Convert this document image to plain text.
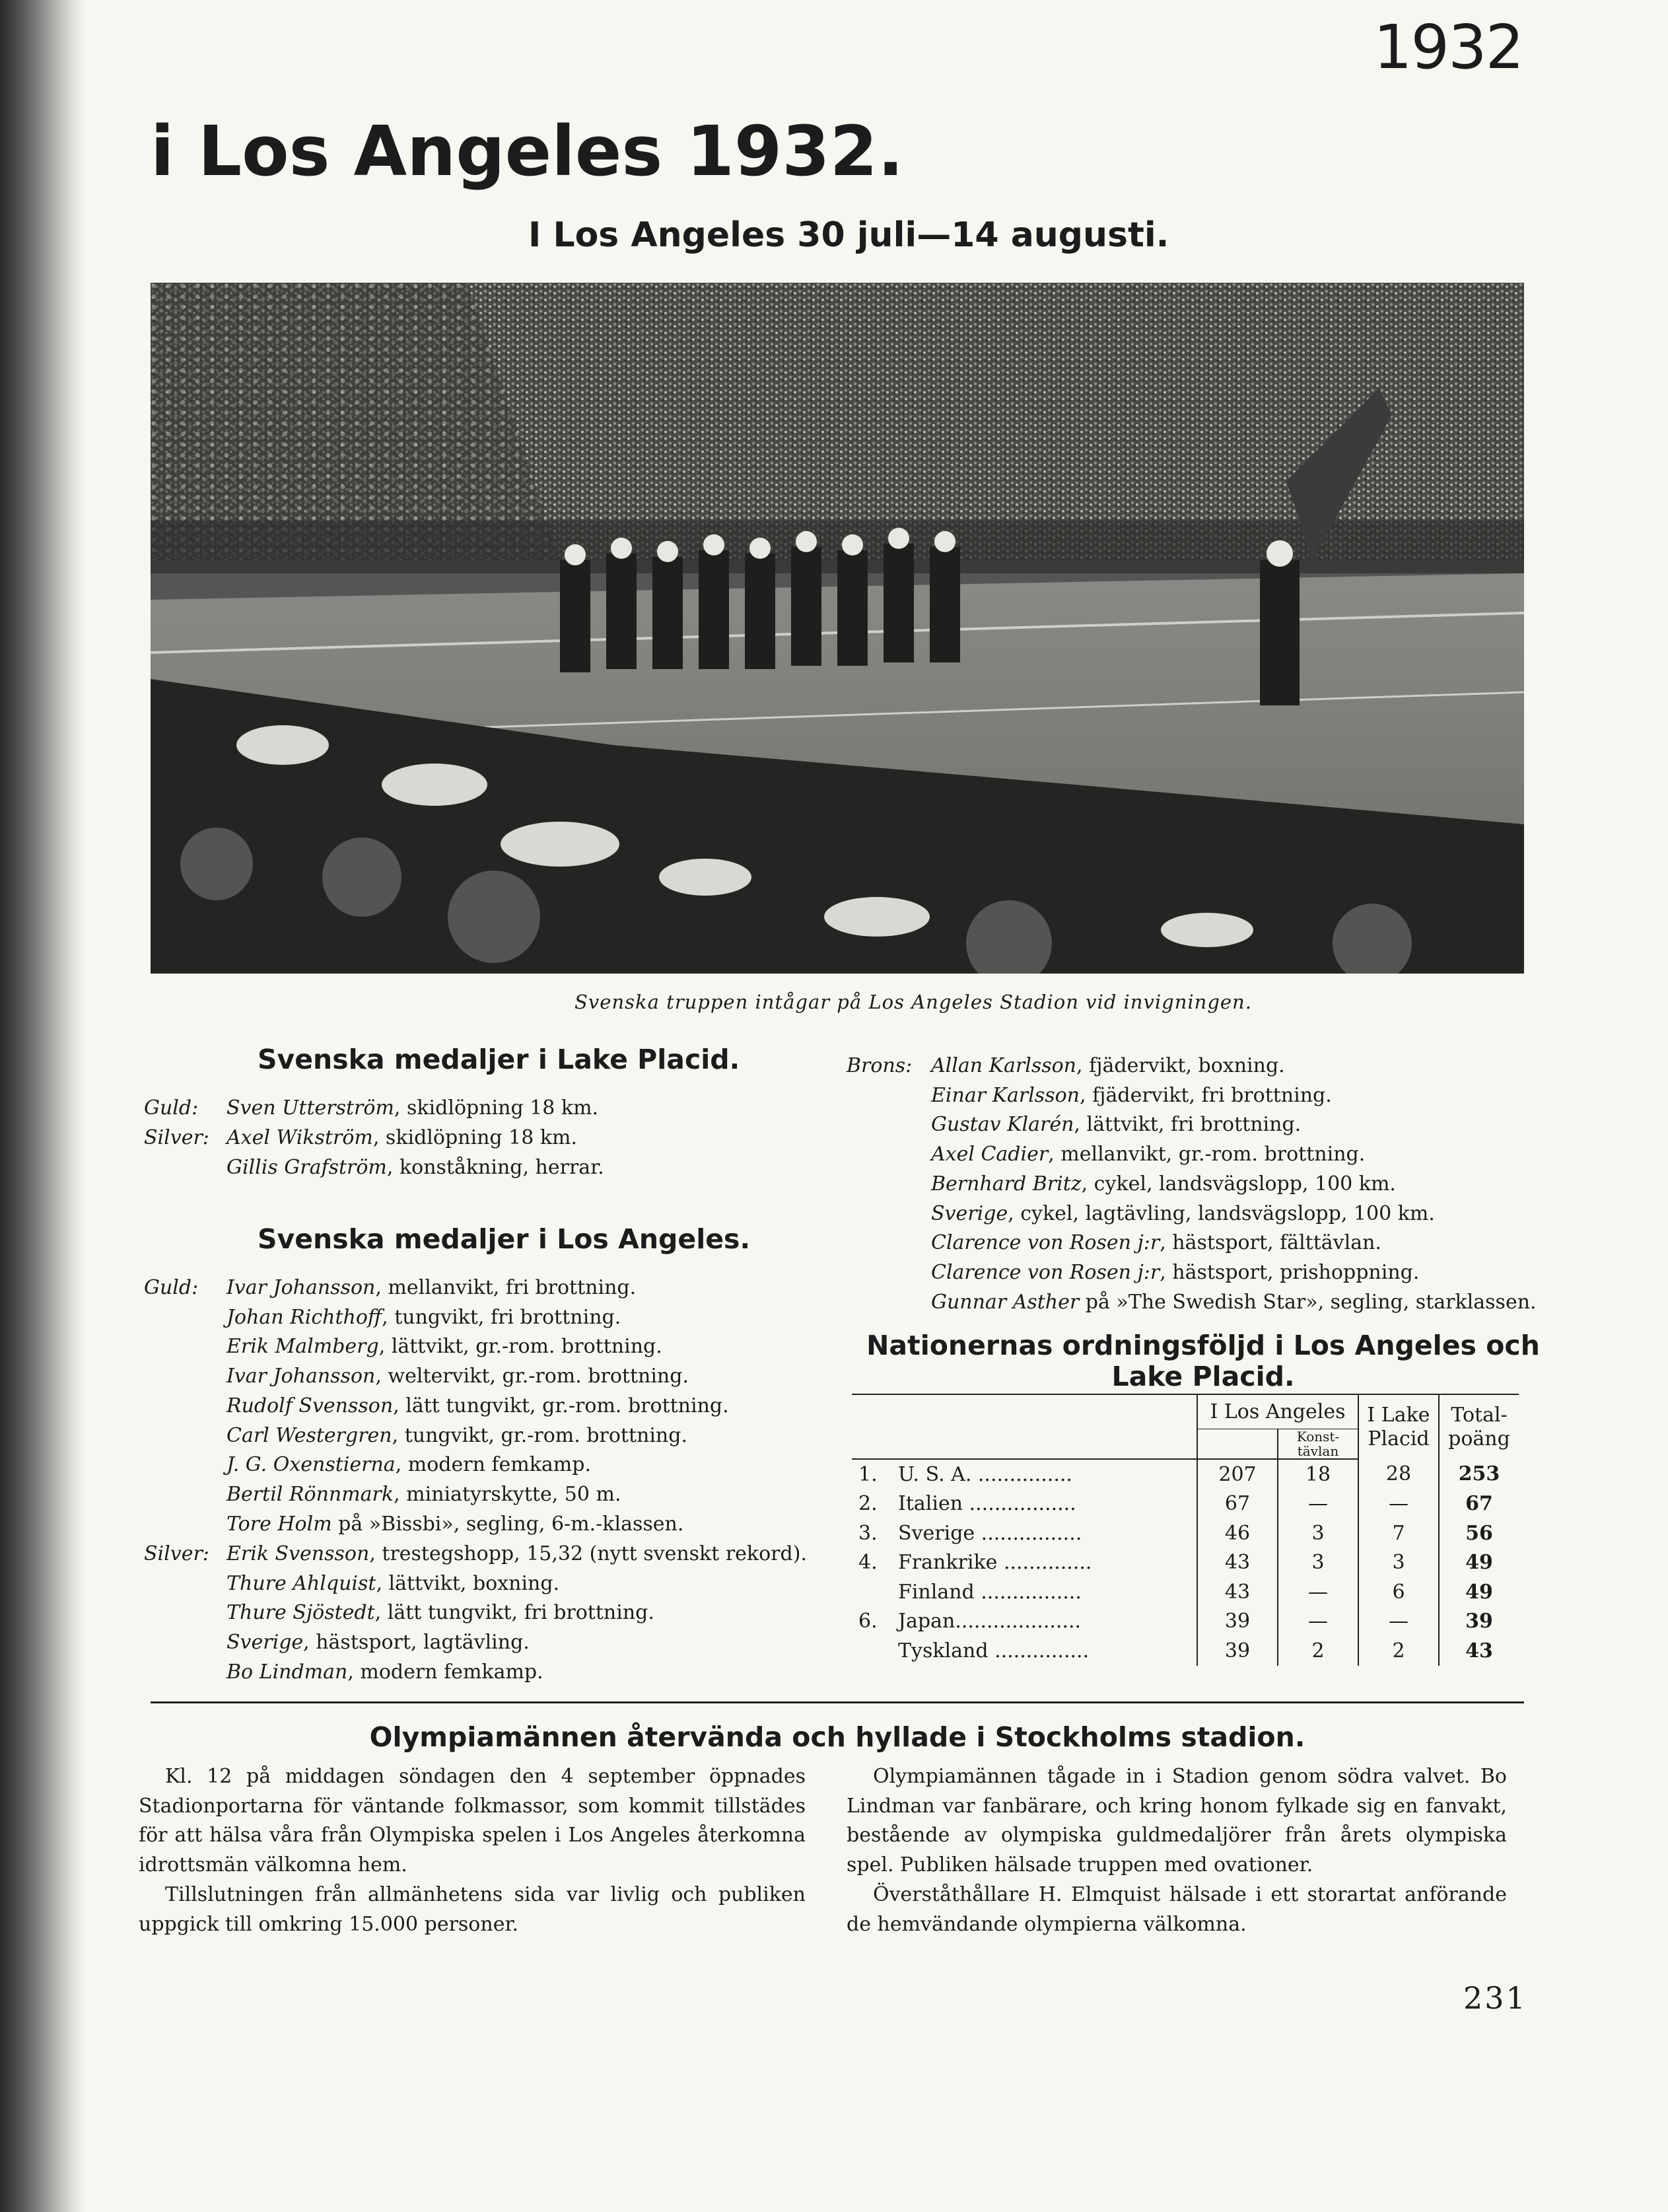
1932
i Los Angeles 1932.
I Los Angeles 30 juli—14 augusti.
Svenska truppen intågar på Los Angeles Stadion vid invigningen.
Svenska medaljer i Lake Placid.
Guld: Sven Utterström, skidlöpning 18 km.
Silver: Axel Wikström, skidlöpning 18 km.
Gillis Grafström, konståkning, herrar.
Svenska medaljer i Los Angeles.
Guld: Ivar Johansson, mellanvikt, fri brottning.
Johan Richthoff, tungvikt, fri brottning.
Erik Malmberg, lättvikt, gr.-rom. brottning.
Ivar Johansson, weltervikt, gr.-rom. brottning.
Rudolf Svensson, lätt tungvikt, gr.-rom. brottning.
Carl Westergren, tungvikt, gr.-rom. brottning.
J. G. Oxenstierna, modern femkamp.
Bertil Rönnmark, miniatyrskytte, 50 m.
Tore Holm på »Bissbi», segling, 6-m.-klassen.
Silver: Erik Svensson, trestegshopp, 15,32 (nytt svenskt rekord).
Thure Ahlquist, lättvikt, boxning.
Thure Sjöstedt, lätt tungvikt, fri brottning.
Sverige, hästsport, lagtävling.
Bo Lindman, modern femkamp.
Brons: Allan Karlsson, fjädervikt, boxning.
Einar Karlsson, fjädervikt, fri brottning.
Gustav Klarén, lättvikt, fri brottning.
Axel Cadier, mellanvikt, gr.-rom. brottning.
Bernhard Britz, cykel, landsvägslopp, 100 km.
Sverige, cykel, lagtävling, landsvägslopp, 100 km.
Clarence von Rosen j:r, hästsport, fälttävlan.
Clarence von Rosen j:r, hästsport, prishoppning.
Gunnar Asther på »The Swedish Star», segling, starklassen.
Nationernas ordningsföljd i Los Angeles och Lake Placid.
		I Los Angeles		I Lake Placid	Total-poäng
			Konst-tävlan		
1.	U. S. A. ...............	207	18	28	253
2.	Italien .................	67	—	—	67
3.	Sverige ................	46	3	7	56
4.	Frankrike ..............	43	3	3	49
	Finland ................	43	—	6	49
6.	Japan....................	39	—	—	39
	Tyskland ...............	39	2	2	43
Olympiamännen återvända och hyllade i Stockholms stadion.

Kl. 12 på middagen söndagen den 4 september öppnades Stadionportarna för väntande folkmassor, som kommit tillstädes för att hälsa våra från Olympiska spelen i Los Angeles återkomna idrottsmän välkomna hem.

Tillslutningen från allmänhetens sida var livlig och publiken uppgick till omkring 15.000 personer.

Olympiamännen tågade in i Stadion genom södra valvet. Bo Lindman var fanbärare, och kring honom fylkade sig en fanvakt, bestående av olympiska guldmedaljörer från årets olympiska spel. Publiken hälsade truppen med ovationer.

Överståthållare H. Elmquist hälsade i ett storartat anförande de hemvändande olympierna välkomna.

231
